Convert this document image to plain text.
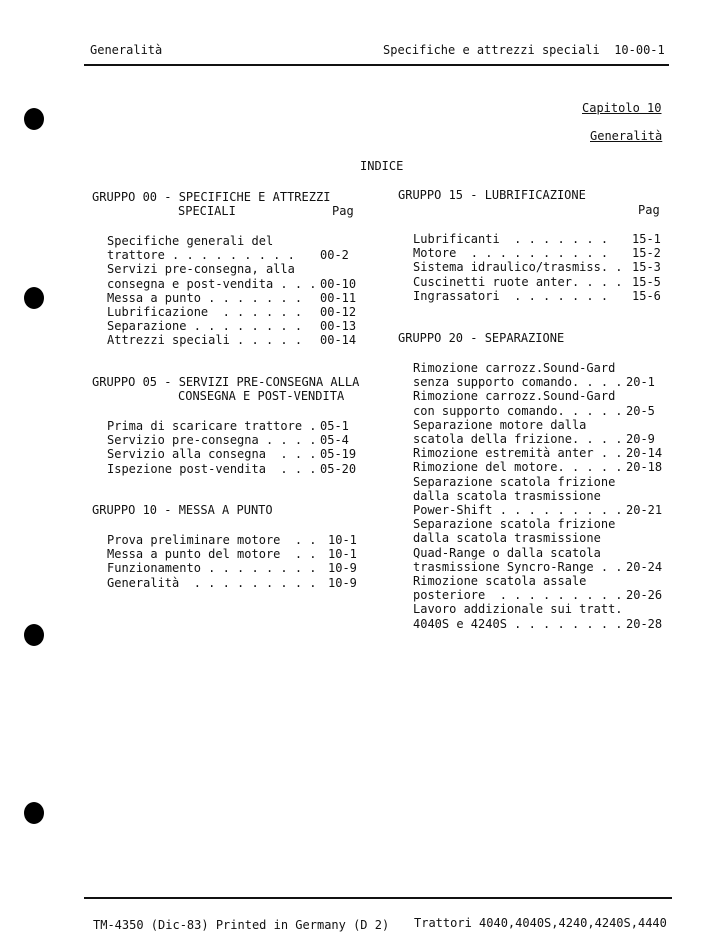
Generalità	Specifiche e attrezzi speciali  10-00-1
Capitolo 10
Generalità
INDICE
GRUPPO 00 - SPECIFICHE E ATTREZZI
SPECIALI	Pag
Specifiche generali del
trattore . . . . . . . . . 00-2
Servizi pre-consegna, alla
consegna e post-vendita . . . 00-10
Messa a punto . . . . . . . 00-11
Lubrificazione  . . . . . . 00-12
Separazione . . . . . . . . 00-13
Attrezzi speciali . . . . . 00-14
GRUPPO 05 - SERVIZI PRE-CONSEGNA ALLA
CONSEGNA E POST-VENDITA
Prima di scaricare trattore . 05-1
Servizio pre-consegna . . . . 05-4
Servizio alla consegna  . . . 05-19
Ispezione post-vendita  . . . 05-20
GRUPPO 10 - MESSA A PUNTO
Prova preliminare motore  . . 10-1
Messa a punto del motore  . . 10-1
Funzionamento . . . . . . . . 10-9
Generalità  . . . . . . . . . 10-9
GRUPPO 15 - LUBRIFICAZIONE
Pag
Lubrificanti  . . . . . . . 15-1
Motore  . . . . . . . . . . 15-2
Sistema idraulico/trasmiss. . 15-3
Cuscinetti ruote anter. . . . 15-5
Ingrassatori  . . . . . . . 15-6
GRUPPO 20 - SEPARAZIONE
Rimozione carrozz.Sound-Gard
senza supporto comando. . . . 20-1
Rimozione carrozz.Sound-Gard
con supporto comando. . . . . 20-5
Separazione motore dalla
scatola della frizione. . . . 20-9
Rimozione estremità anter . . 20-14
Rimozione del motore. . . . . 20-18
Separazione scatola frizione
dalla scatola trasmissione
Power-Shift . . . . . . . . . 20-21
Separazione scatola frizione
dalla scatola trasmissione
Quad-Range o dalla scatola
trasmissione Syncro-Range . . 20-24
Rimozione scatola assale
posteriore  . . . . . . . . . 20-26
Lavoro addizionale sui tratt.
4040S e 4240S . . . . . . . . 20-28
TM-4350 (Dic-83) Printed in Germany (D 2) Trattori 4040,4040S,4240,4240S,4440
